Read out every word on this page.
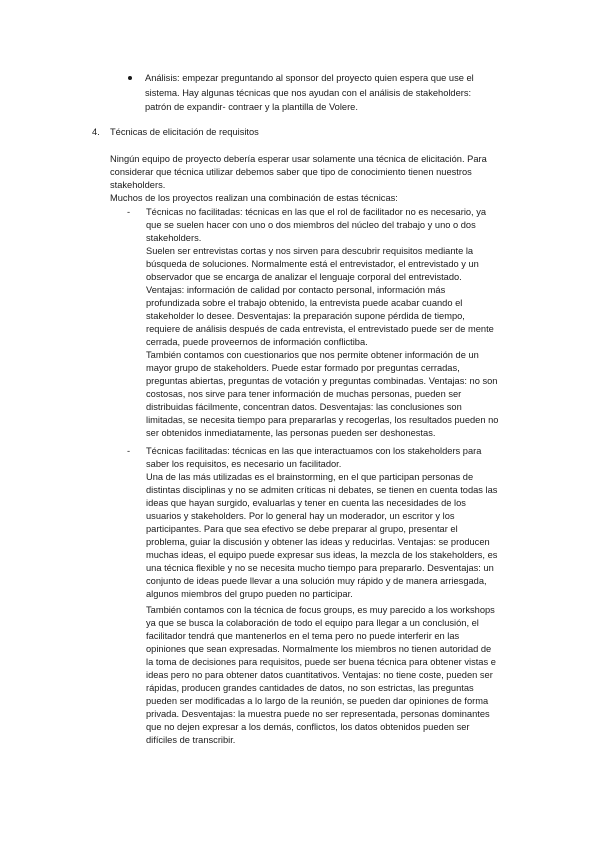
Análisis: empezar preguntando al sponsor del proyecto quien espera que use el
sistema. Hay algunas técnicas que nos ayudan con el análisis de stakeholders:
patrón de expandir- contraer y la plantilla de Volere.
4. Técnicas de elicitación de requisitos
Ningún equipo de proyecto debería esperar usar solamente una técnica de elicitación. Para
considerar que técnica utilizar debemos saber que tipo de conocimiento tienen nuestros
stakeholders.
Muchos de los proyectos realizan una combinación de estas técnicas:
- Técnicas no facilitadas: técnicas en las que el rol de facilitador no es necesario, ya
que se suelen hacer con uno o dos miembros del núcleo del trabajo y uno o dos
stakeholders.
Suelen ser entrevistas cortas y nos sirven para descubrir requisitos mediante la
búsqueda de soluciones. Normalmente está el entrevistador, el entrevistado y un
observador que se encarga de analizar el lenguaje corporal del entrevistado.
Ventajas: información de calidad por contacto personal, información más
profundizada sobre el trabajo obtenido, la entrevista puede acabar cuando el
stakeholder lo desee. Desventajas: la preparación supone pérdida de tiempo,
requiere de análisis después de cada entrevista, el entrevistado puede ser de mente
cerrada, puede proveernos de información conflictiba.
También contamos con cuestionarios que nos permite obtener información de un
mayor grupo de stakeholders. Puede estar formado por preguntas cerradas,
preguntas abiertas, preguntas de votación y preguntas combinadas. Ventajas: no son
costosas, nos sirve para tener información de muchas personas, pueden ser
distribuidas fácilmente, concentran datos. Desventajas: las conclusiones son
limitadas, se necesita tiempo para prepararlas y recogerlas, los resultados pueden no
ser obtenidos inmediatamente, las personas pueden ser deshonestas.
- Técnicas facilitadas: técnicas en las que interactuamos con los stakeholders para
saber los requisitos, es necesario un facilitador.
Una de las más utilizadas es el brainstorming, en el que participan personas de
distintas disciplinas y no se admiten críticas ni debates, se tienen en cuenta todas las
ideas que hayan surgido, evaluarlas y tener en cuenta las necesidades de los
usuarios y stakeholders. Por lo general hay un moderador, un escritor y los
participantes. Para que sea efectivo se debe preparar al grupo, presentar el
problema, guiar la discusión y obtener las ideas y reducirlas. Ventajas: se producen
muchas ideas, el equipo puede expresar sus ideas, la mezcla de los stakeholders, es
una técnica flexible y no se necesita mucho tiempo para prepararlo. Desventajas: un
conjunto de ideas puede llevar a una solución muy rápido y de manera arriesgada,
algunos miembros del grupo pueden no participar.
También contamos con la técnica de focus groups, es muy parecido a los workshops
ya que se busca la colaboración de todo el equipo para llegar a un conclusión, el
facilitador tendrá que mantenerlos en el tema pero no puede interferir en las
opiniones que sean expresadas. Normalmente los miembros no tienen autoridad de
la toma de decisiones para requisitos, puede ser buena técnica para obtener vistas e
ideas pero no para obtener datos cuantitativos. Ventajas: no tiene coste, pueden ser
rápidas, producen grandes cantidades de datos, no son estrictas, las preguntas
pueden ser modificadas a lo largo de la reunión, se pueden dar opiniones de forma
privada. Desventajas: la muestra puede no ser representada, personas dominantes
que no dejen expresar a los demás, conflictos, los datos obtenidos pueden ser
difíciles de transcribir.
